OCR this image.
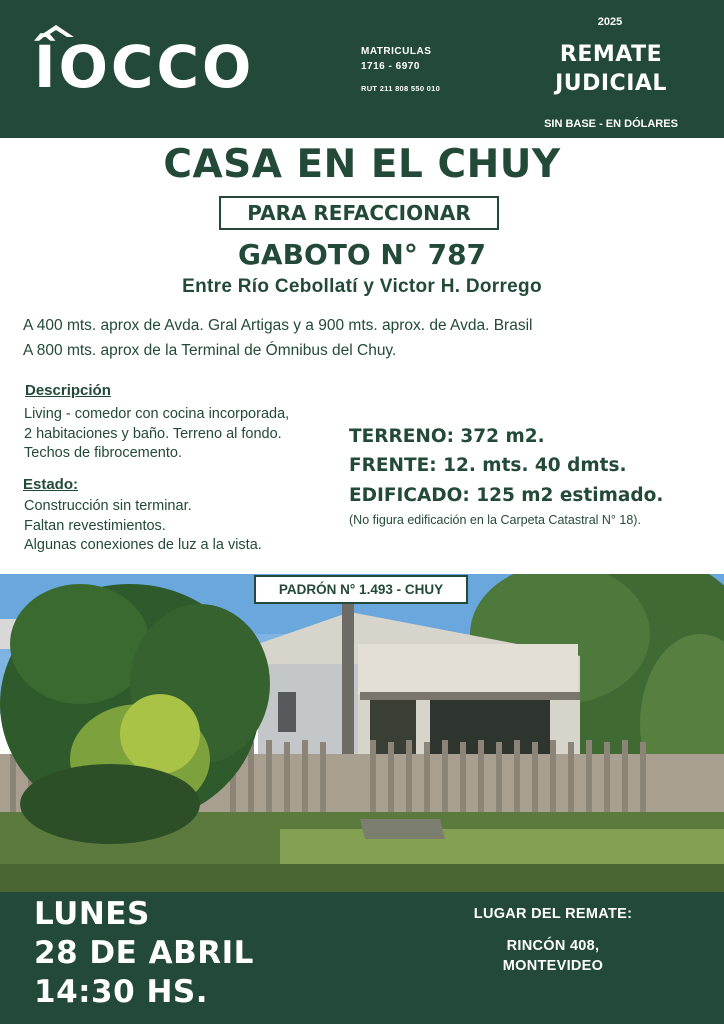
ÎOCCO	MATRICULAS
1716 - 6970
RUT 211 808 550 010
2025
REMATE
JUDICIAL
SIN BASE - EN DÓLARES
CASA EN EL CHUY
PARA REFACCIONAR
GABOTO N° 787
Entre Río Cebollatí y Victor H. Dorrego
A 400 mts. aprox de Avda. Gral Artigas y a 900 mts. aprox. de Avda. Brasil
A 800 mts. aprox de la Terminal de Ómnibus del Chuy.
Descripción
Living - comedor con cocina incorporada,
2 habitaciones y baño. Terreno al fondo.
Techos de fibrocemento.
Estado:
Construcción sin terminar.
Faltan revestimientos.
Algunas conexiones de luz a la vista.
TERRENO: 372 m2.
FRENTE: 12. mts. 40 dmts.
EDIFICADO: 125 m2 estimado.
(No figura edificación en la Carpeta Catastral N° 18).
PADRÓN N° 1.493 - CHUY
LUNES
28 DE ABRIL
14:30 HS.
LUGAR DEL REMATE:
RINCÓN 408,
MONTEVIDEO
